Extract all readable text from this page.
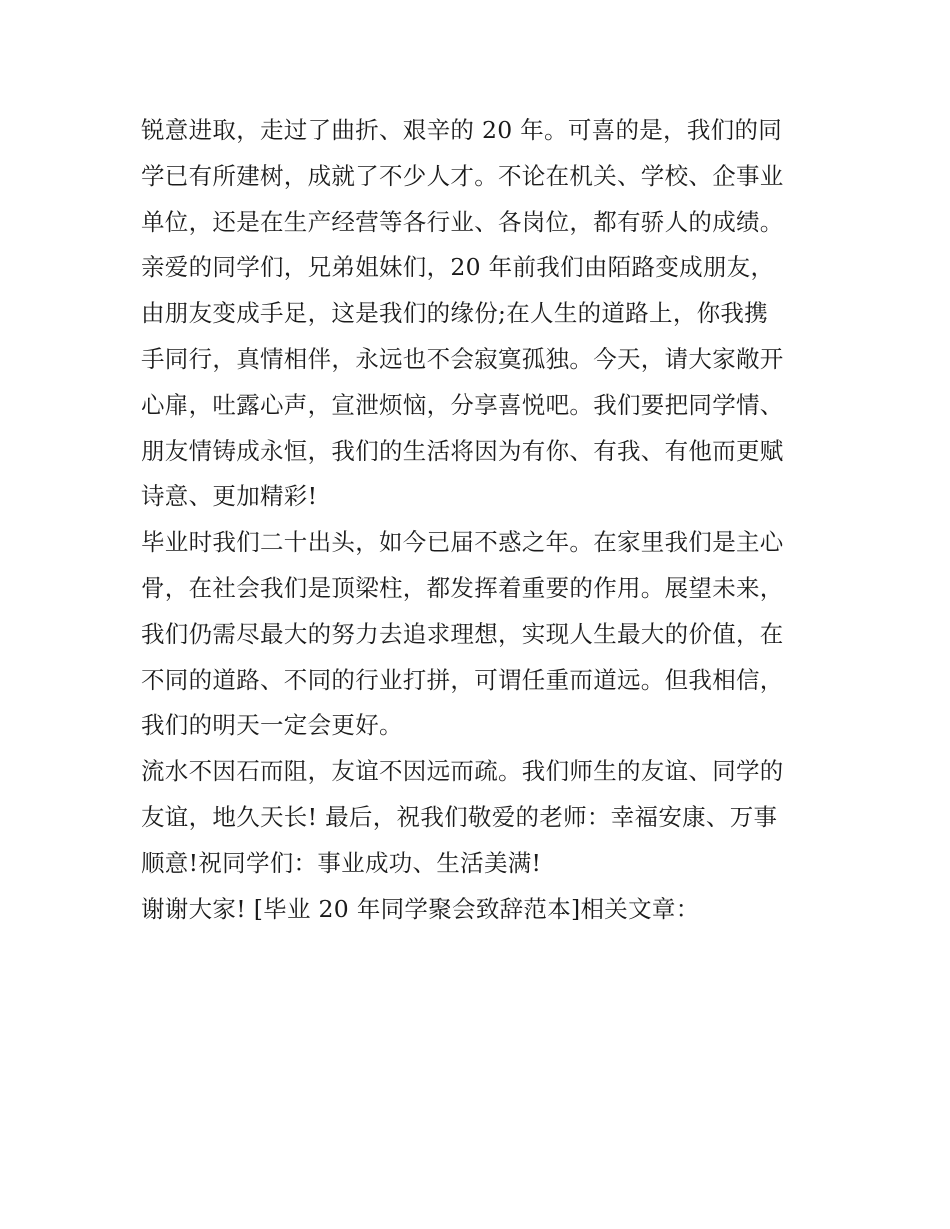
锐意进取，走过了曲折、艰辛的 20 年。可喜的是，我们的同
学已有所建树，成就了不少人才。不论在机关、学校、企事业
单位，还是在生产经营等各行业、各岗位，都有骄人的成绩。
亲爱的同学们，兄弟姐妹们，20 年前我们由陌路变成朋友，
由朋友变成手足，这是我们的缘份;在人生的道路上，你我携
手同行，真情相伴，永远也不会寂寞孤独。今天，请大家敞开
心扉，吐露心声，宣泄烦恼，分享喜悦吧。我们要把同学情、
朋友情铸成永恒，我们的生活将因为有你、有我、有他而更赋
诗意、更加精彩!
毕业时我们二十出头，如今已届不惑之年。在家里我们是主心
骨，在社会我们是顶梁柱，都发挥着重要的作用。展望未来，
我们仍需尽最大的努力去追求理想，实现人生最大的价值，在
不同的道路、不同的行业打拼，可谓任重而道远。但我相信，
我们的明天一定会更好。
流水不因石而阻，友谊不因远而疏。我们师生的友谊、同学的
友谊，地久天长! 最后，祝我们敬爱的老师：幸福安康、万事
顺意!祝同学们：事业成功、生活美满!
谢谢大家! [毕业 20 年同学聚会致辞范本]相关文章：
